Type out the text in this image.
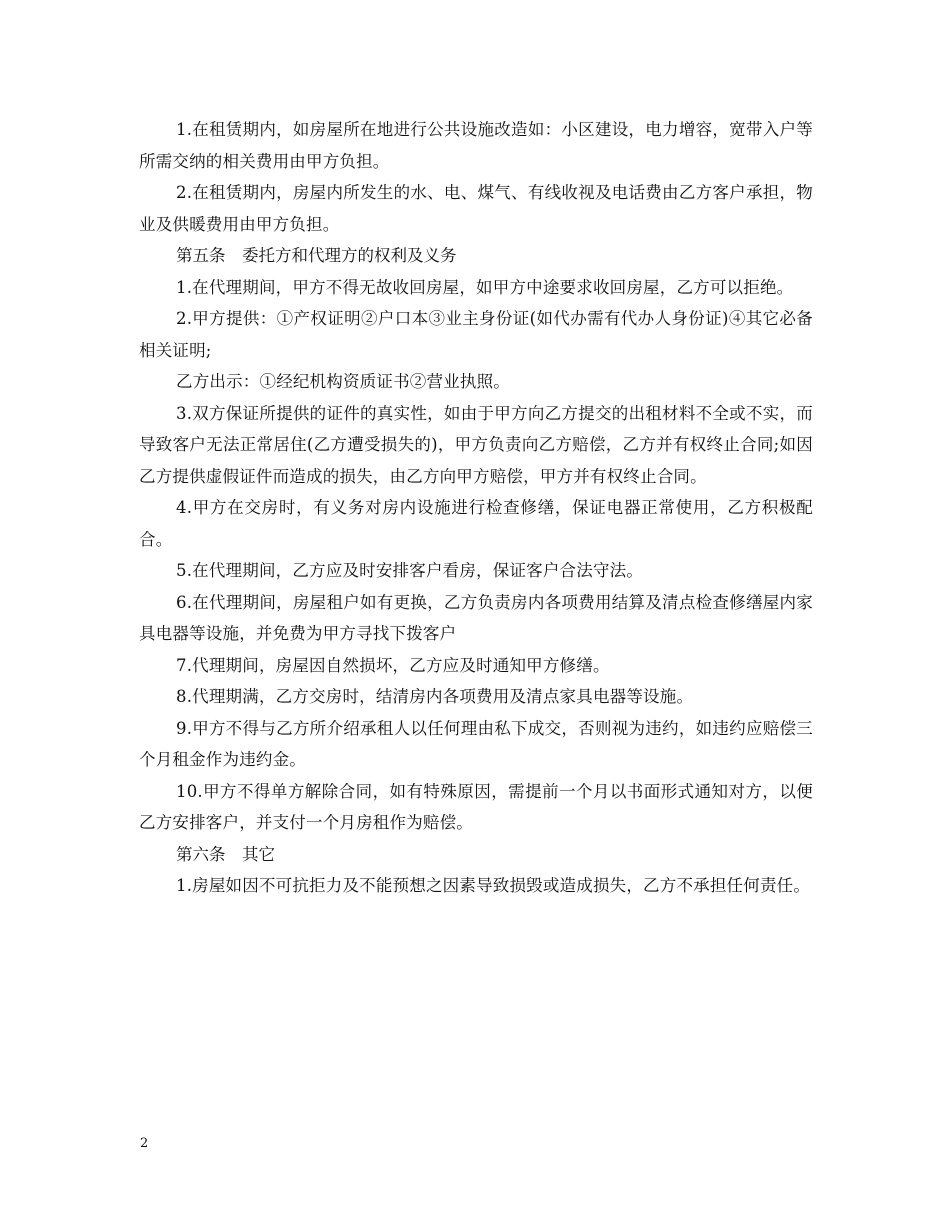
1.在租赁期内，如房屋所在地进行公共设施改造如：小区建设，电力增容，宽带入户等所需交纳的相关费用由甲方负担。

2.在租赁期内，房屋内所发生的水、电、煤气、有线收视及电话费由乙方客户承担，物业及供暖费用由甲方负担。

第五条　委托方和代理方的权利及义务

1.在代理期间，甲方不得无故收回房屋，如甲方中途要求收回房屋，乙方可以拒绝。

2.甲方提供：①产权证明②户口本③业主身份证(如代办需有代办人身份证)④其它必备相关证明;

乙方出示：①经纪机构资质证书②营业执照。

3.双方保证所提供的证件的真实性，如由于甲方向乙方提交的出租材料不全或不实，而导致客户无法正常居住(乙方遭受损失的)，甲方负责向乙方赔偿，乙方并有权终止合同;如因乙方提供虚假证件而造成的损失，由乙方向甲方赔偿，甲方并有权终止合同。

4.甲方在交房时，有义务对房内设施进行检查修缮，保证电器正常使用，乙方积极配合。

5.在代理期间，乙方应及时安排客户看房，保证客户合法守法。

6.在代理期间，房屋租户如有更换，乙方负责房内各项费用结算及清点检查修缮屋内家具电器等设施，并免费为甲方寻找下拨客户

7.代理期间，房屋因自然损坏，乙方应及时通知甲方修缮。

8.代理期满，乙方交房时，结清房内各项费用及清点家具电器等设施。

9.甲方不得与乙方所介绍承租人以任何理由私下成交，否则视为违约，如违约应赔偿三个月租金作为违约金。

10.甲方不得单方解除合同，如有特殊原因，需提前一个月以书面形式通知对方，以便乙方安排客户，并支付一个月房租作为赔偿。

第六条　其它

1.房屋如因不可抗拒力及不能预想之因素导致损毁或造成损失，乙方不承担任何责任。

2
